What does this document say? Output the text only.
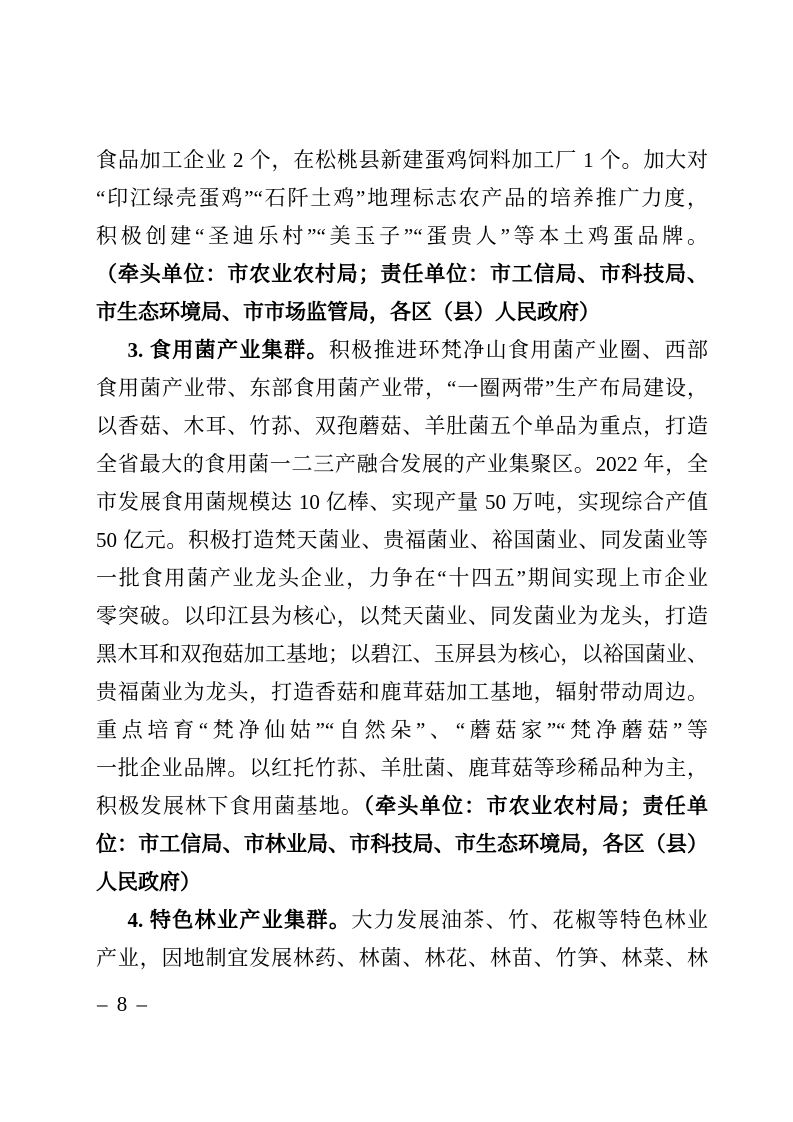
食品加工企业 2 个，在松桃县新建蛋鸡饲料加工厂 1 个。加大对
“印江绿壳蛋鸡”“石阡土鸡”地理标志农产品的培养推广力度，
积极创建“圣迪乐村”“美玉子”“蛋贵人”等本土鸡蛋品牌。
（牵头单位：市农业农村局；责任单位：市工信局、市科技局、
市生态环境局、市市场监管局，各区（县）人民政府）
3. 食用菌产业集群。积极推进环梵净山食用菌产业圈、西部
食用菌产业带、东部食用菌产业带，“一圈两带”生产布局建设，
以香菇、木耳、竹荪、双孢蘑菇、羊肚菌五个单品为重点，打造
全省最大的食用菌一二三产融合发展的产业集聚区。2022 年，全
市发展食用菌规模达 10 亿棒、实现产量 50 万吨，实现综合产值
50 亿元。积极打造梵天菌业、贵福菌业、裕国菌业、同发菌业等
一批食用菌产业龙头企业，力争在“十四五”期间实现上市企业
零突破。以印江县为核心，以梵天菌业、同发菌业为龙头，打造
黑木耳和双孢菇加工基地；以碧江、玉屏县为核心，以裕国菌业、
贵福菌业为龙头，打造香菇和鹿茸菇加工基地，辐射带动周边。
重点培育“梵净仙姑”“自然朵”、“蘑菇家”“梵净蘑菇”等
一批企业品牌。以红托竹荪、羊肚菌、鹿茸菇等珍稀品种为主，
积极发展林下食用菌基地。（牵头单位：市农业农村局；责任单
位：市工信局、市林业局、市科技局、市生态环境局，各区（县）
人民政府）
4. 特色林业产业集群。大力发展油茶、竹、花椒等特色林业
产业，因地制宜发展林药、林菌、林花、林苗、竹笋、林菜、林
– 8 –
